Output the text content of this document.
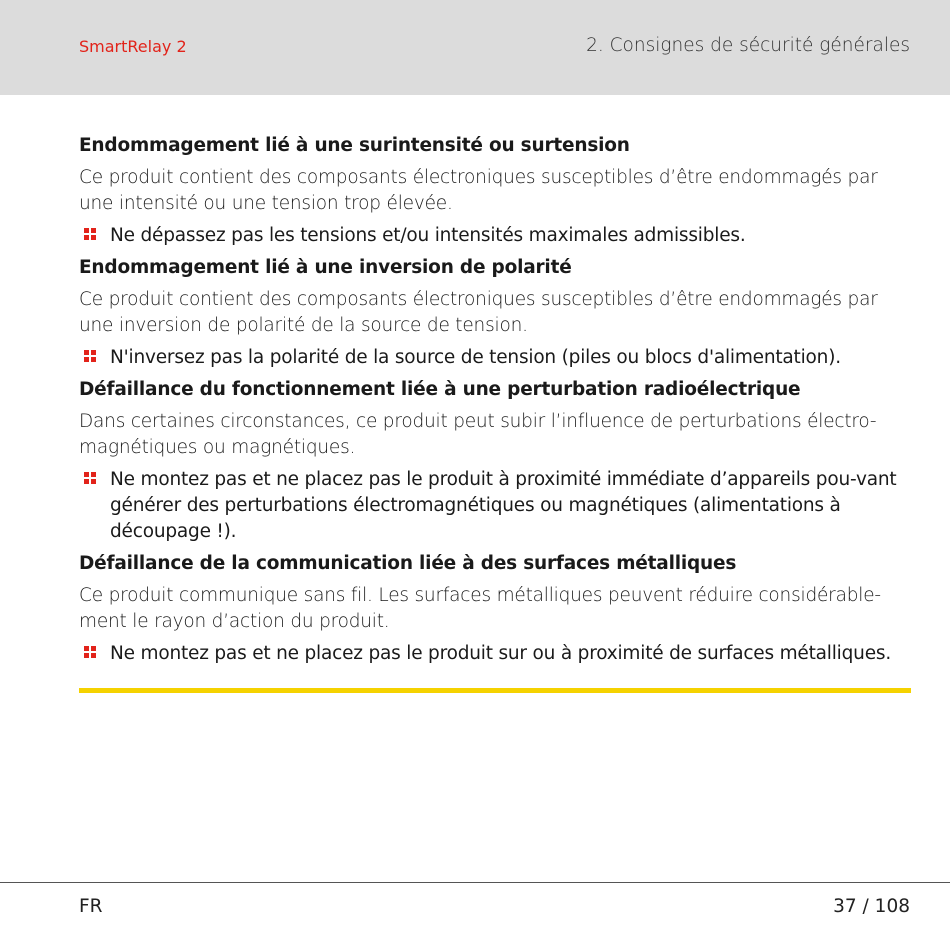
SmartRelay 2	2. Consignes de sécurité générales

Endommagement lié à une surintensité ou surtension

Ce produit contient des composants électroniques susceptibles d’être endommagés par une intensité ou une tension trop élevée.

Ne dépassez pas les tensions et/ou intensités maximales admissibles.

Endommagement lié à une inversion de polarité

Ce produit contient des composants électroniques susceptibles d’être endommagés par une inversion de polarité de la source de tension.

N'inversez pas la polarité de la source de tension (piles ou blocs d'alimentation).

Défaillance du fonctionnement liée à une perturbation radioélectrique

Dans certaines circonstances, ce produit peut subir l’influence de perturbations électro-magnétiques ou magnétiques.

Ne montez pas et ne placez pas le produit à proximité immédiate d’appareils pou-vant générer des perturbations électromagnétiques ou magnétiques (alimentations à découpage !).

Défaillance de la communication liée à des surfaces métalliques

Ce produit communique sans fil. Les surfaces métalliques peuvent réduire considérable-ment le rayon d’action du produit.

Ne montez pas et ne placez pas le produit sur ou à proximité de surfaces métalliques.
FR	37 / 108
